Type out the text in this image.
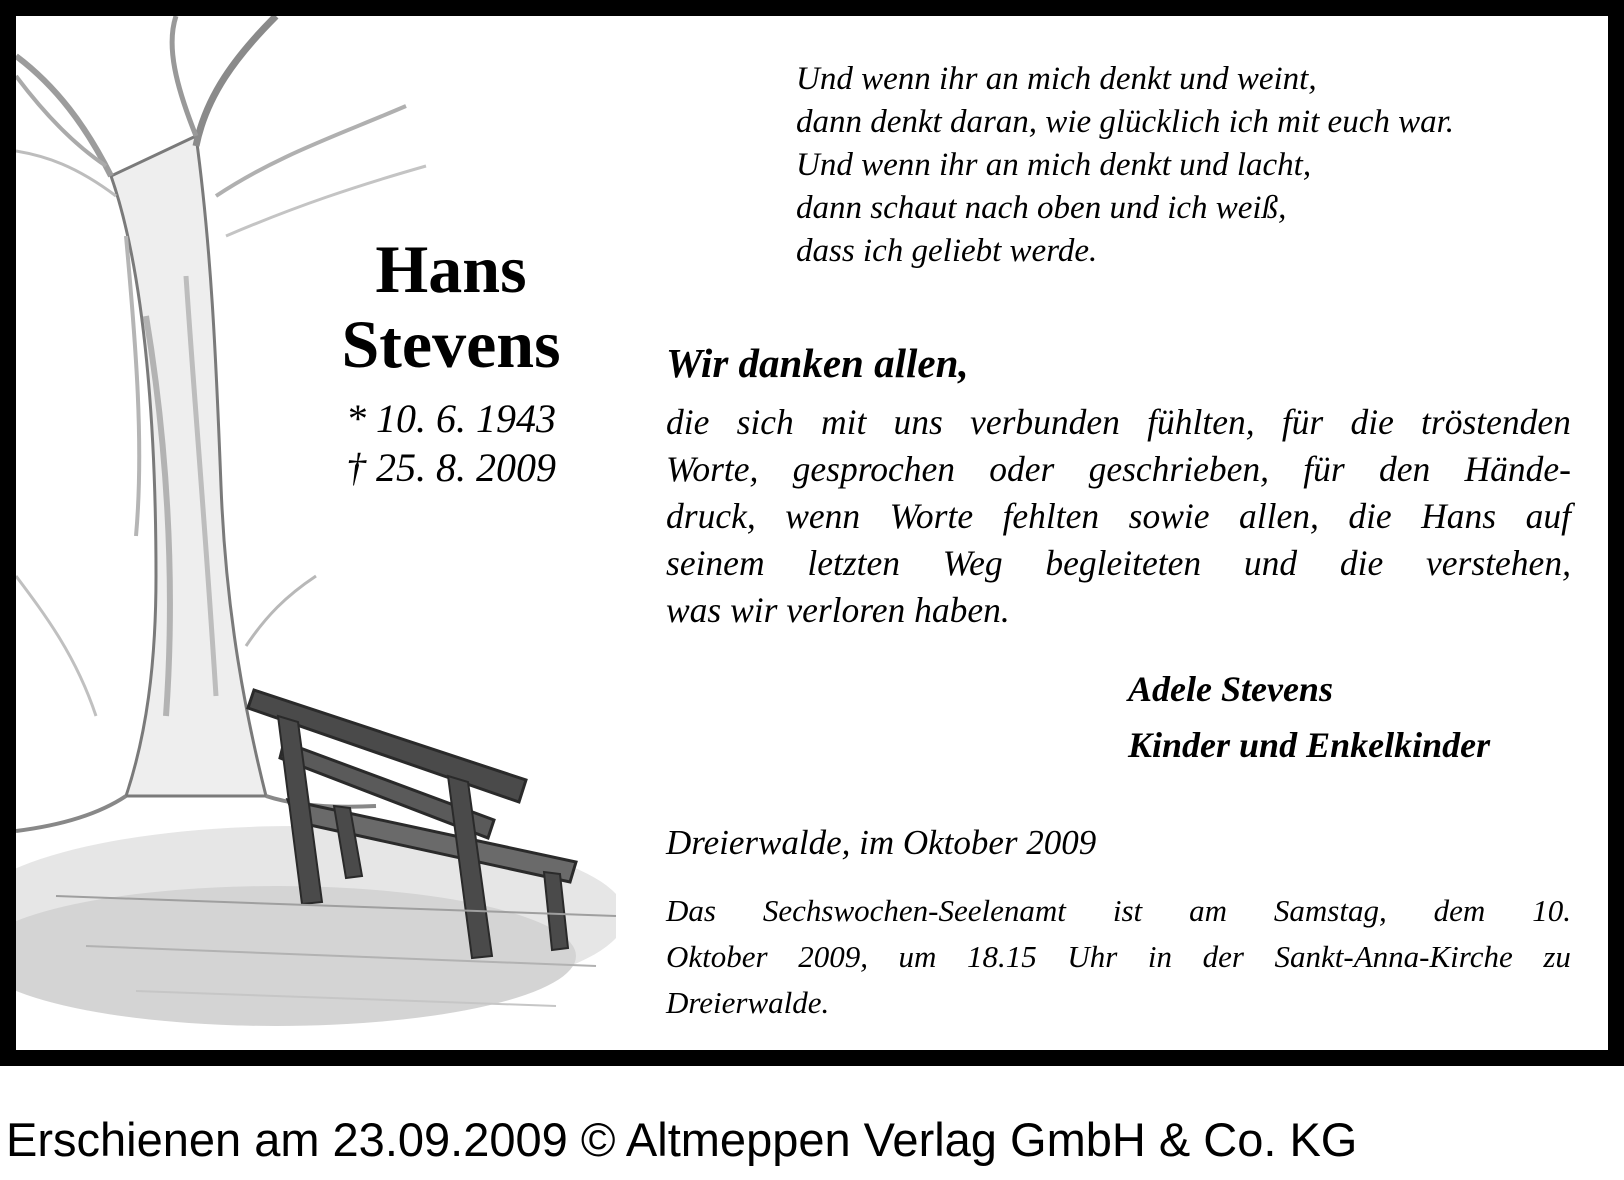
Hans
Stevens
* 10. 6. 1943
† 25. 8. 2009
Und wenn ihr an mich denkt und weint,
dann denkt daran, wie glücklich ich mit euch war.
Und wenn ihr an mich denkt und lacht,
dann schaut nach oben und ich weiß,
dass ich geliebt werde.
Wir danken allen,
die sich mit uns verbunden fühlten, für die tröstenden
Worte, gesprochen oder geschrieben, für den Hände-
druck, wenn Worte fehlten sowie allen, die Hans auf
seinem letzten Weg begleiteten und die verstehen,
was wir verloren haben.
Adele Stevens
Kinder und Enkelkinder
Dreierwalde, im Oktober 2009
Das Sechswochen-Seelenamt ist am Samstag, dem 10.
Oktober 2009, um 18.15 Uhr in der Sankt-Anna-Kirche zu
Dreierwalde.
Erschienen am 23.09.2009 © Altmeppen Verlag GmbH & Co. KG
